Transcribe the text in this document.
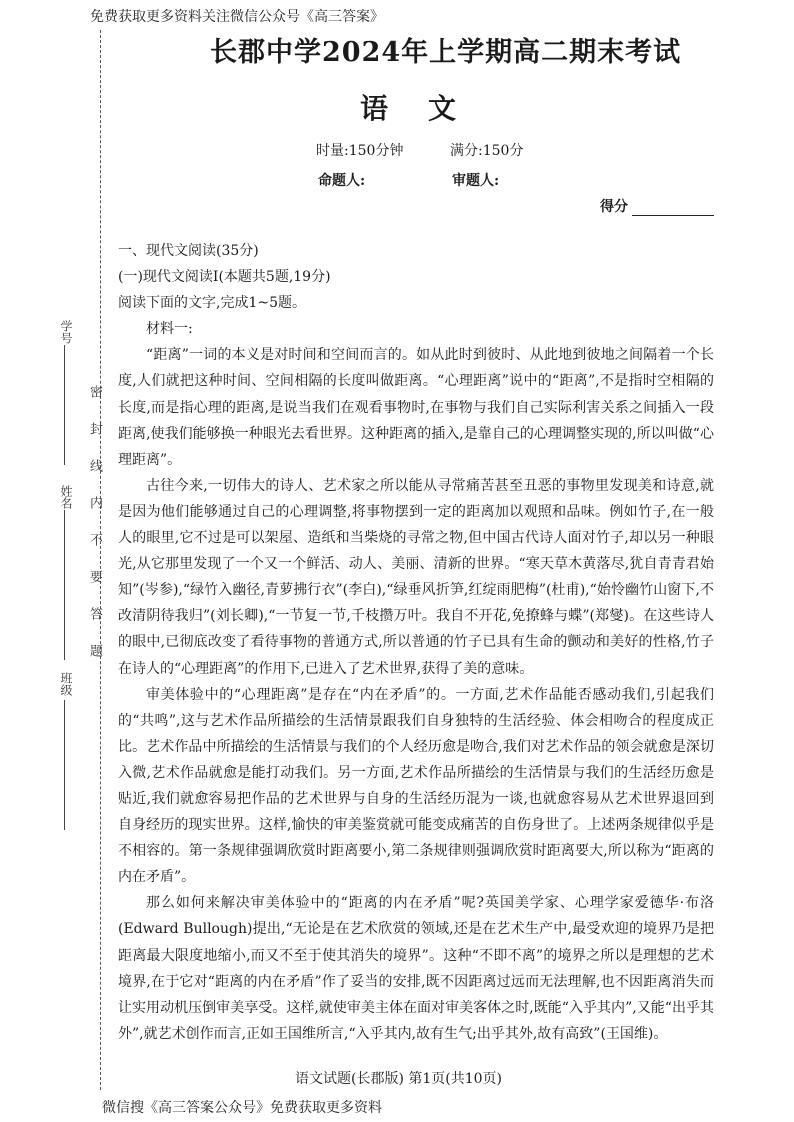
免费获取更多资料关注微信公众号《高三答案》
学号
姓名
班级
密封线内不要答题
长郡中学2024年上学期高二期末考试
语文
时量:150分钟	满分:150分
命题人:	审题人:
得分

一、现代文阅读(35分)

(一)现代文阅读Ⅰ(本题共5题,19分)

阅读下面的文字,完成1~5题。

材料一:

“距离”一词的本义是对时间和空间而言的。如从此时到彼时、从此地到彼地之间隔着一个长度,人们就把这种时间、空间相隔的长度叫做距离。“心理距离”说中的“距离”,不是指时空相隔的长度,而是指心理的距离,是说当我们在观看事物时,在事物与我们自己实际利害关系之间插入一段距离,使我们能够换一种眼光去看世界。这种距离的插入,是靠自己的心理调整实现的,所以叫做“心理距离”。

古往今来,一切伟大的诗人、艺术家之所以能从寻常痛苦甚至丑恶的事物里发现美和诗意,就是因为他们能够通过自己的心理调整,将事物摆到一定的距离加以观照和品味。例如竹子,在一般人的眼里,它不过是可以架屋、造纸和当柴烧的寻常之物,但中国古代诗人面对竹子,却以另一种眼光,从它那里发现了一个又一个鲜活、动人、美丽、清新的世界。“寒天草木黄落尽,犹自青青君始知”(岑参),“绿竹入幽径,青萝拂行衣”(李白),“绿垂风折笋,红绽雨肥梅”(杜甫),“始怜幽竹山窗下,不改清阴待我归”(刘长卿),“一节复一节,千枝攒万叶。我自不开花,免撩蜂与蝶”(郑燮)。在这些诗人的眼中,已彻底改变了看待事物的普通方式,所以普通的竹子已具有生命的颤动和美好的性格,竹子在诗人的“心理距离”的作用下,已进入了艺术世界,获得了美的意味。

审美体验中的“心理距离”是存在“内在矛盾”的。一方面,艺术作品能否感动我们,引起我们的“共鸣”,这与艺术作品所描绘的生活情景跟我们自身独特的生活经验、体会相吻合的程度成正比。艺术作品中所描绘的生活情景与我们的个人经历愈是吻合,我们对艺术作品的领会就愈是深切入微,艺术作品就愈是能打动我们。另一方面,艺术作品所描绘的生活情景与我们的生活经历愈是贴近,我们就愈容易把作品的艺术世界与自身的生活经历混为一谈,也就愈容易从艺术世界退回到自身经历的现实世界。这样,愉快的审美鉴赏就可能变成痛苦的自伤身世了。上述两条规律似乎是不相容的。第一条规律强调欣赏时距离要小,第二条规律则强调欣赏时距离要大,所以称为“距离的内在矛盾”。

那么如何来解决审美体验中的“距离的内在矛盾”呢?英国美学家、心理学家爱德华·布洛(Edward Bullough)提出,“无论是在艺术欣赏的领域,还是在艺术生产中,最受欢迎的境界乃是把距离最大限度地缩小,而又不至于使其消失的境界”。这种“不即不离”的境界之所以是理想的艺术境界,在于它对“距离的内在矛盾”作了妥当的安排,既不因距离过远而无法理解,也不因距离消失而让实用动机压倒审美享受。这样,就使审美主体在面对审美客体之时,既能“入乎其内”,又能“出乎其外”,就艺术创作而言,正如王国维所言,“入乎其内,故有生气;出乎其外,故有高致”(王国维)。

语文试题(长郡版) 第1页(共10页)
微信搜《高三答案公众号》免费获取更多资料
